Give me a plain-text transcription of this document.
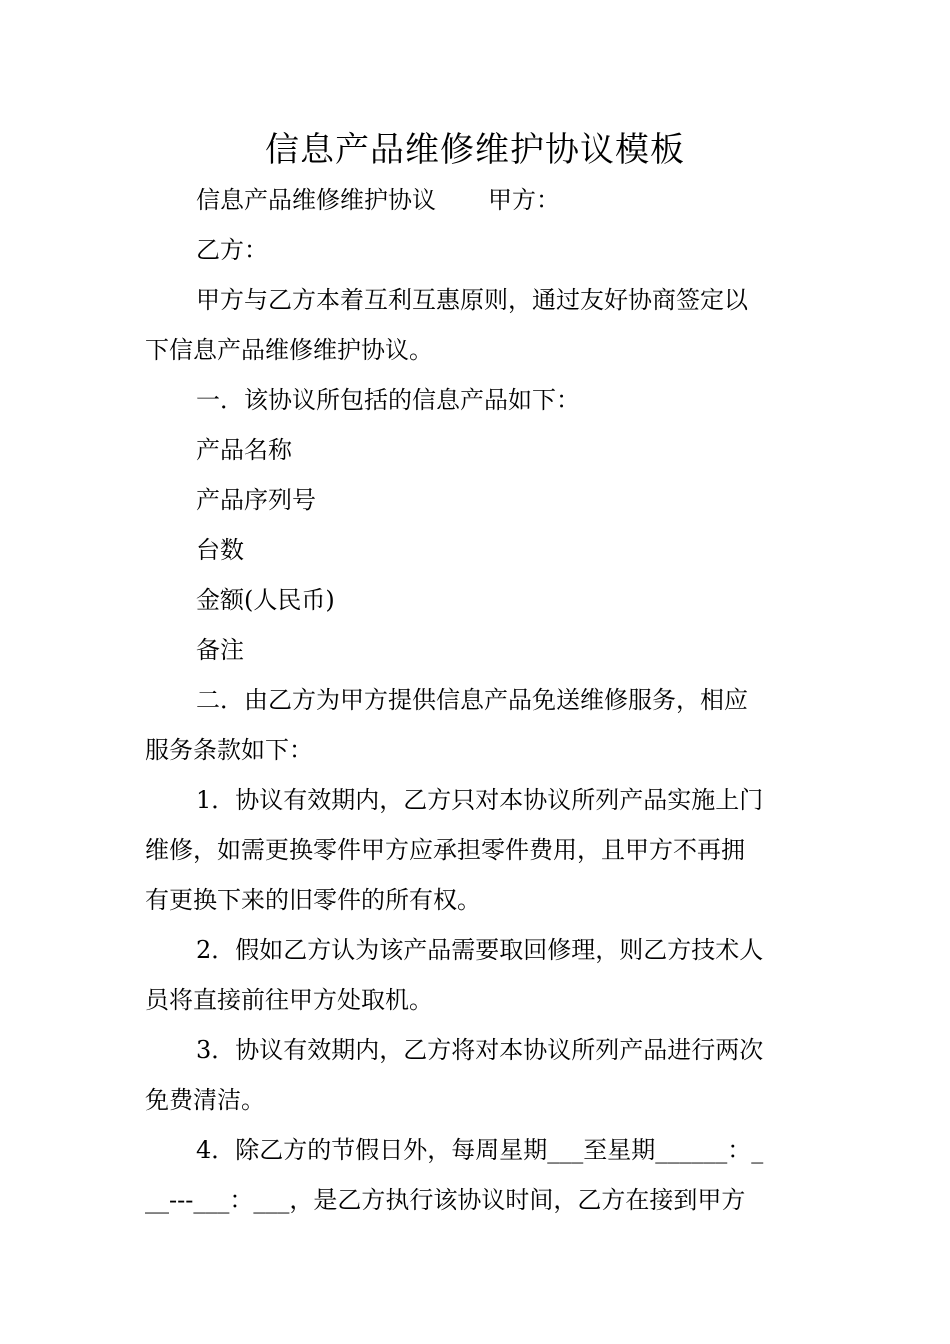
信息产品维修维护协议模板
信息产品维修维护协议 甲方：
乙方：
甲方与乙方本着互利互惠原则，通过友好协商签定以
下信息产品维修维护协议。
一．该协议所包括的信息产品如下：
产品名称
产品序列号
台数
金额(人民币)
备注
二．由乙方为甲方提供信息产品免送维修服务，相应
服务条款如下：
1．协议有效期内，乙方只对本协议所列产品实施上门
维修，如需更换零件甲方应承担零件费用，且甲方不再拥
有更换下来的旧零件的所有权。
2．假如乙方认为该产品需要取回修理，则乙方技术人
员将直接前往甲方处取机。
3．协议有效期内，乙方将对本协议所列产品进行两次
免费清洁。
4．除乙方的节假日外，每周星期___至星期______：_
__---___：___，是乙方执行该协议时间，乙方在接到甲方
